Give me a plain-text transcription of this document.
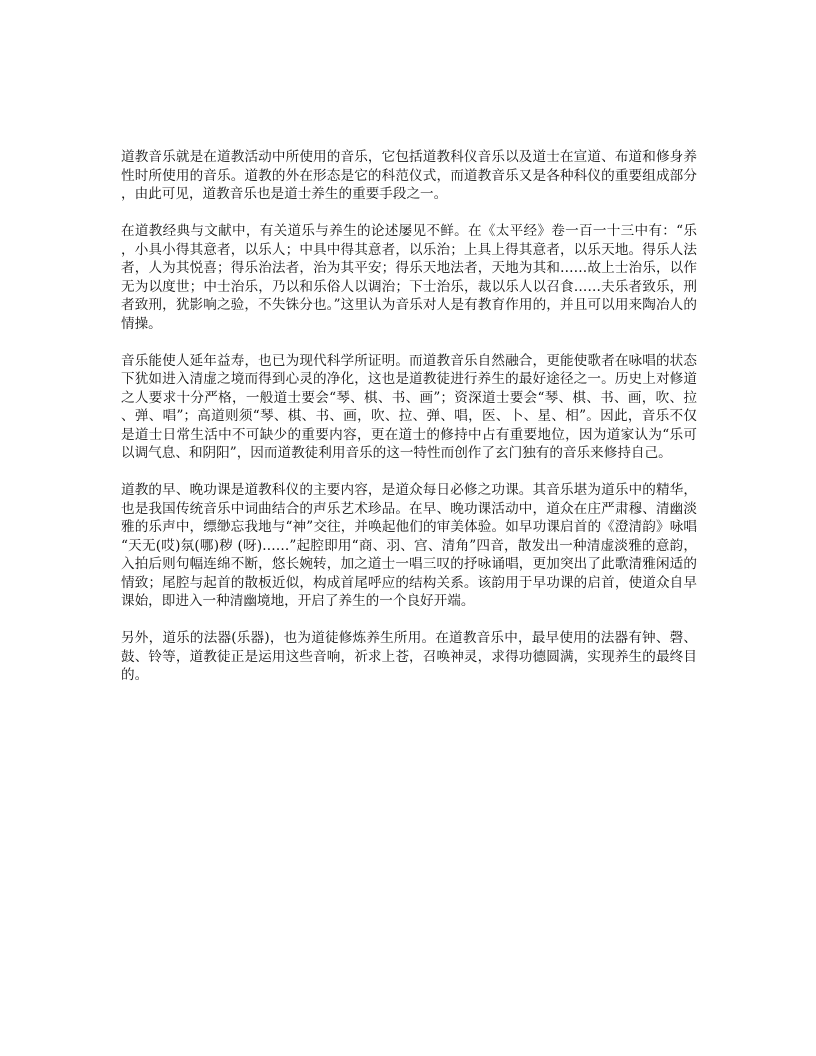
道教音乐就是在道教活动中所使用的音乐，它包括道教科仪音乐以及道士在宣道、布道和修身养性时所使用的音乐。道教的外在形态是它的科范仪式，而道教音乐又是各种科仪的重要组成部分，由此可见，道教音乐也是道士养生的重要手段之一。

在道教经典与文献中，有关道乐与养生的论述屡见不鲜。在《太平经》卷一百一十三中有：“乐，小具小得其意者，以乐人；中具中得其意者，以乐治；上具上得其意者，以乐天地。得乐人法者，人为其悦喜；得乐治法者，治为其平安；得乐天地法者，天地为其和……故上士治乐，以作无为以度世；中士治乐，乃以和乐俗人以调治；下士治乐，裁以乐人以召食……夫乐者致乐，刑者致刑，犹影响之验，不失铢分也。”这里认为音乐对人是有教育作用的，并且可以用来陶冶人的情操。

音乐能使人延年益寿，也已为现代科学所证明。而道教音乐自然融合，更能使歌者在咏唱的状态下犹如进入清虚之境而得到心灵的净化，这也是道教徒进行养生的最好途径之一。历史上对修道之人要求十分严格，一般道士要会“琴、棋、书、画”；资深道士要会“琴、棋、书、画，吹、拉、弹、唱”；高道则须“琴、棋、书、画，吹、拉、弹、唱，医、卜、星、相”。因此，音乐不仅是道士日常生活中不可缺少的重要内容，更在道士的修持中占有重要地位，因为道家认为“乐可以调气息、和阴阳”，因而道教徒利用音乐的这一特性而创作了玄门独有的音乐来修持自己。

道教的早、晚功课是道教科仪的主要内容，是道众每日必修之功课。其音乐堪为道乐中的精华，也是我国传统音乐中词曲结合的声乐艺术珍品。在早、晚功课活动中，道众在庄严肃穆、清幽淡雅的乐声中，缥缈忘我地与“神”交往，并唤起他们的审美体验。如早功课启首的《澄清韵》咏唱“天无(哎)氛(哪)秽 (呀)……”起腔即用“商、羽、宫、清角”四音，散发出一种清虚淡雅的意韵，入拍后则句幅连绵不断，悠长婉转，加之道士一唱三叹的抒咏诵唱，更加突出了此歌清雅闲适的情致；尾腔与起首的散板近似，构成首尾呼应的结构关系。该韵用于早功课的启首，使道众自早课始，即进入一种清幽境地，开启了养生的一个良好开端。

另外，道乐的法器(乐器)，也为道徒修炼养生所用。在道教音乐中，最早使用的法器有钟、磬、鼓、铃等，道教徒正是运用这些音响，祈求上苍，召唤神灵，求得功德圆满，实现养生的最终目的。
